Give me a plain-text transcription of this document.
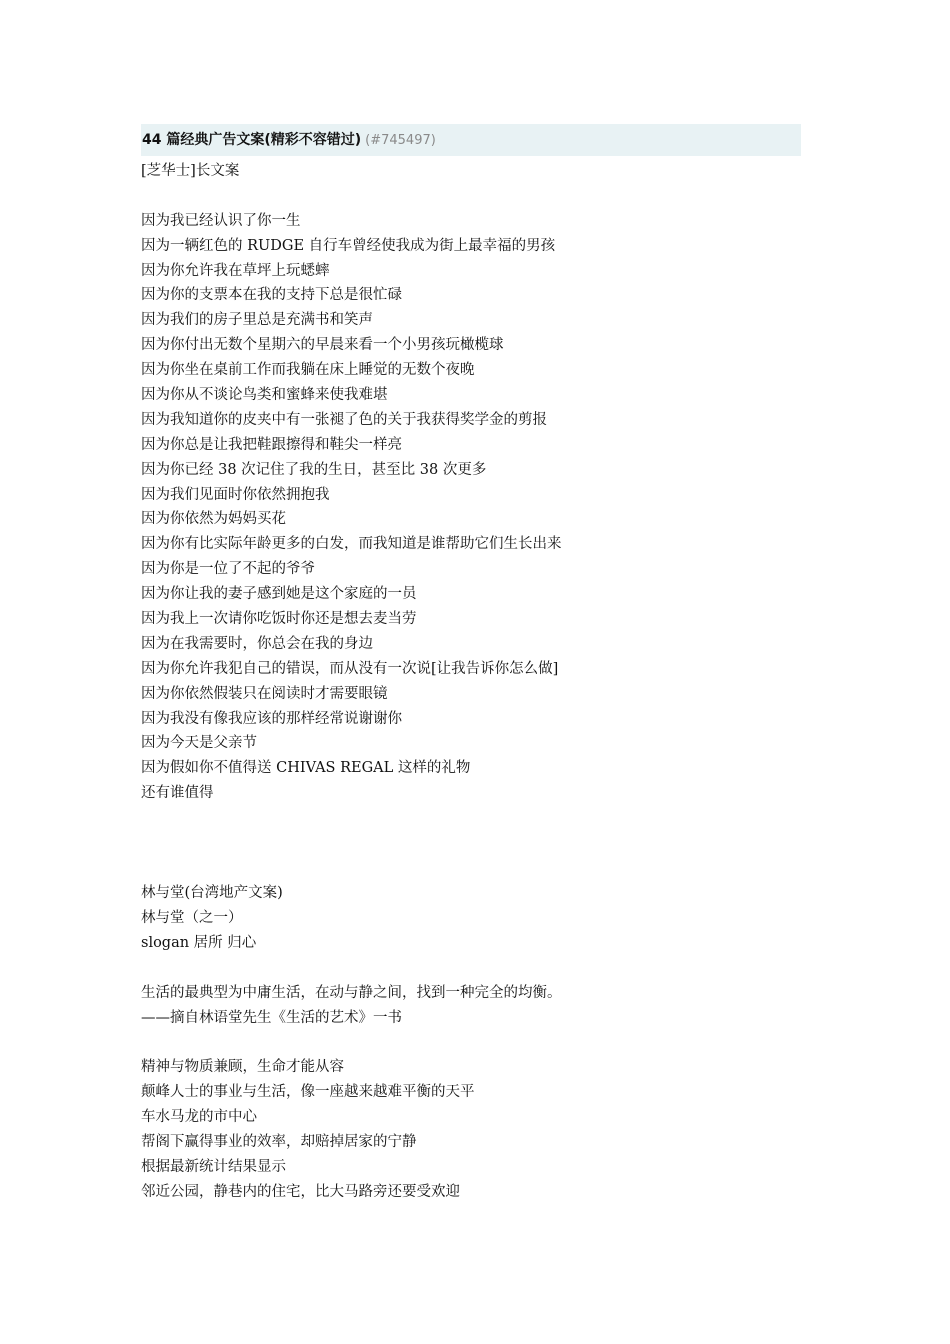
44 篇经典广告文案(精彩不容错过) (#745497)
[芝华士]长文案
因为我已经认识了你一生
因为一辆红色的 RUDGE 自行车曾经使我成为街上最幸福的男孩
因为你允许我在草坪上玩蟋蟀
因为你的支票本在我的支持下总是很忙碌
因为我们的房子里总是充满书和笑声
因为你付出无数个星期六的早晨来看一个小男孩玩橄榄球
因为你坐在桌前工作而我躺在床上睡觉的无数个夜晚
因为你从不谈论鸟类和蜜蜂来使我难堪
因为我知道你的皮夹中有一张褪了色的关于我获得奖学金的剪报
因为你总是让我把鞋跟擦得和鞋尖一样亮
因为你已经 38 次记住了我的生日，甚至比 38 次更多
因为我们见面时你依然拥抱我
因为你依然为妈妈买花
因为你有比实际年龄更多的白发，而我知道是谁帮助它们生长出来
因为你是一位了不起的爷爷
因为你让我的妻子感到她是这个家庭的一员
因为我上一次请你吃饭时你还是想去麦当劳
因为在我需要时，你总会在我的身边
因为你允许我犯自己的错误，而从没有一次说[让我告诉你怎么做]
因为你依然假装只在阅读时才需要眼镜
因为我没有像我应该的那样经常说谢谢你
因为今天是父亲节
因为假如你不值得送 CHIVAS REGAL 这样的礼物
还有谁值得
林与堂(台湾地产文案)
林与堂（之一）
slogan 居所 归心
生活的最典型为中庸生活，在动与静之间，找到一种完全的均衡。
——摘自林语堂先生《生活的艺术》一书
精神与物质兼顾，生命才能从容
颠峰人士的事业与生活，像一座越来越难平衡的天平
车水马龙的市中心
帮阁下赢得事业的效率，却赔掉居家的宁静
根据最新统计结果显示
邻近公园，静巷内的住宅，比大马路旁还要受欢迎
